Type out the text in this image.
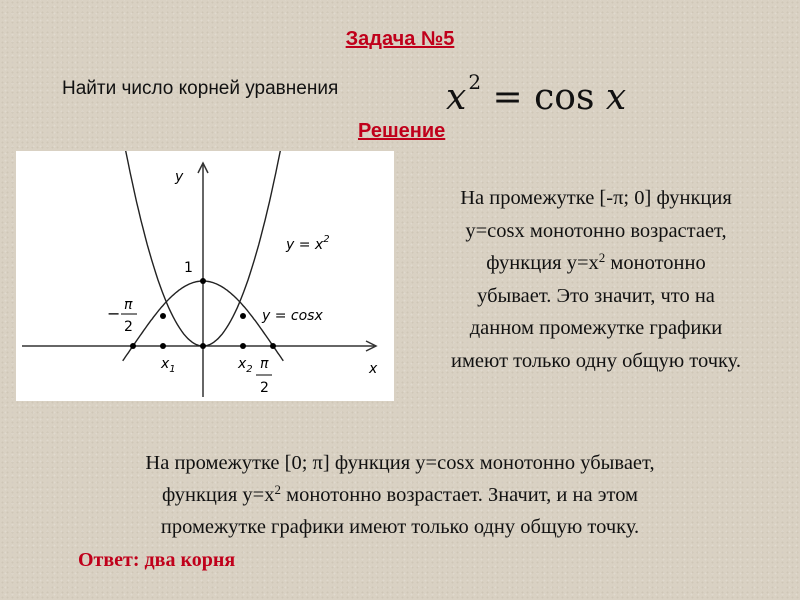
Задача №5
Найти число корней уравнения	x $^2$ = cos x
Решение
y
x
1
$y = x^2$
y = cosx
− π
2
$x_1$	$x_2$ π
2
На промежутке [-π; 0] функция
y=cosx монотонно возрастает,
функция $y=x^2$ монотонно
убывает. Это значит, что на
данном промежутке графики
имеют только одну общую точку.
На промежутке [0; π] функция y=cosx монотонно убывает,
функция $y=x^2$ монотонно возрастает. Значит, и на этом
промежутке графики имеют только одну общую точку.
Ответ: два корня
